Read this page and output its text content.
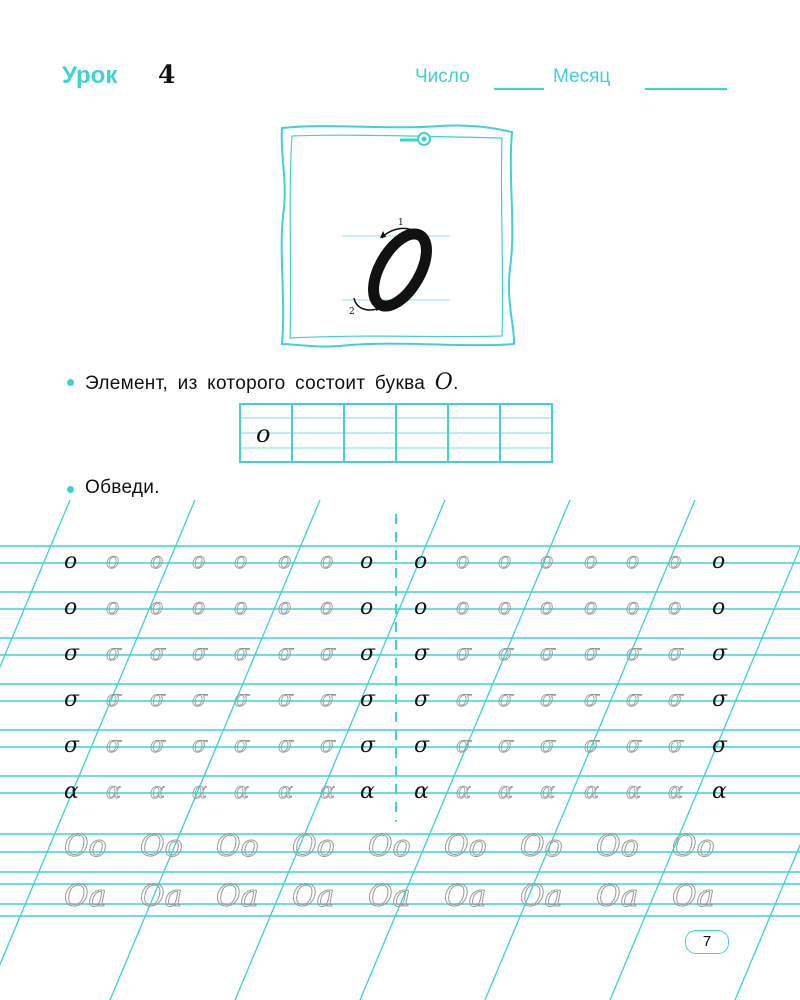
Урок 4	Число	Месяц
1
2
Элемент, из которого состоит буква O.
o
Обведи.
o o o o o o o o o o o o o o o o
o o o o o o o o o o o o o o o o
σ σ σ σ σ σ σ σ σ σ σ σ σ σ σ σ
σ σ σ σ σ σ σ σ σ σ σ σ σ σ σ σ
σ σ σ σ σ σ σ σ σ σ σ σ σ σ σ σ
ɑ ɑ ɑ ɑ ɑ ɑ ɑ ɑ ɑ ɑ ɑ ɑ ɑ ɑ ɑ ɑ
Oo Oo Oo Oo Oo Oo Oo Oo Oo
Oa Oa Oa Oa Oa Oa Oa Oa Oa
7
